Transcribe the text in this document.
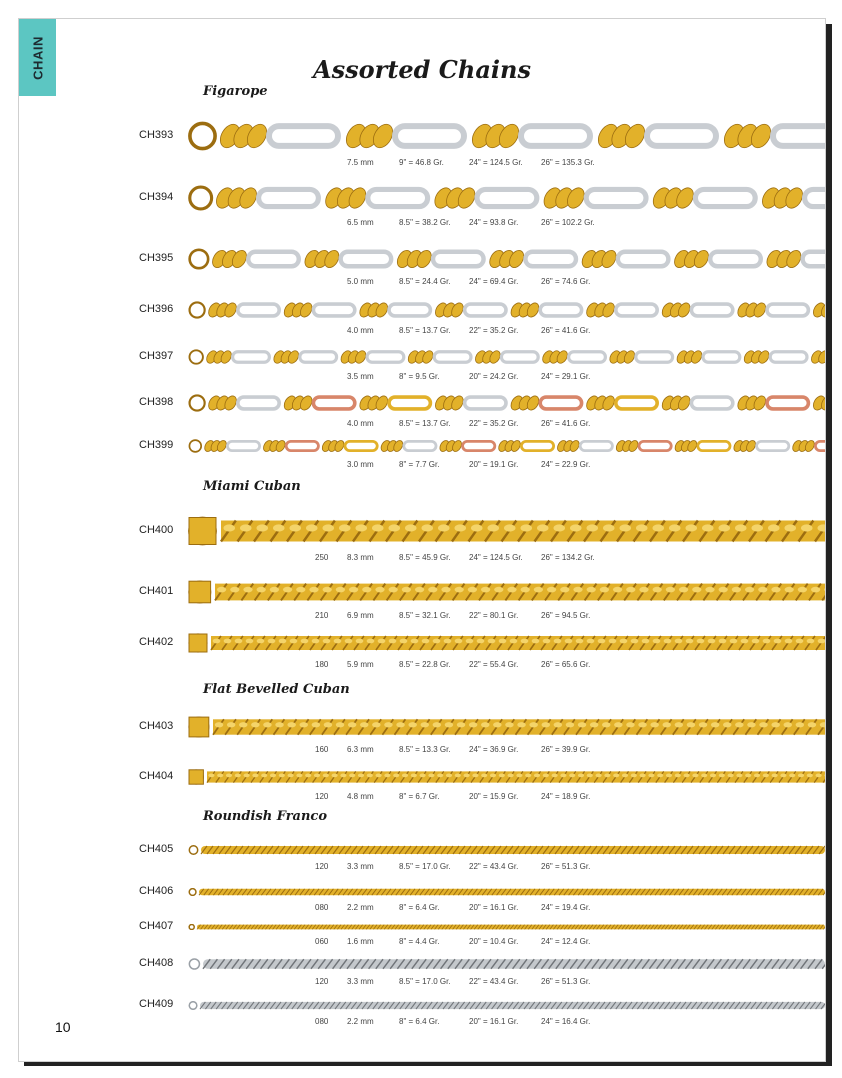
CHAIN	Assorted Chains
Figarope
CH393
7.5 mm	9" = 46.8 Gr.	24" = 124.5 Gr. 26" = 135.3 Gr.
CH394
6.5 mm	8.5" = 38.2 Gr. 24" = 93.8 Gr.	26" = 102.2 Gr.
CH395
5.0 mm	8.5" = 24.4 Gr. 24" = 69.4 Gr.	26" = 74.6 Gr.
CH396
4.0 mm	8.5" = 13.7 Gr. 22" = 35.2 Gr.	26" = 41.6 Gr.
CH397
3.5 mm	8" = 9.5 Gr.	20" = 24.2 Gr.	24" = 29.1 Gr.
CH398
4.0 mm	8.5" = 13.7 Gr. 22" = 35.2 Gr.	26" = 41.6 Gr.
CH399
3.0 mm	8" = 7.7 Gr.	20" = 19.1 Gr.	24" = 22.9 Gr.
Miami Cuban
CH400
250 8.3 mm	8.5" = 45.9 Gr. 24" = 124.5 Gr. 26" = 134.2 Gr.
CH401
210 6.9 mm	8.5" = 32.1 Gr. 22" = 80.1 Gr.	26" = 94.5 Gr.
CH402
180 5.9 mm	8.5" = 22.8 Gr. 22" = 55.4 Gr.	26" = 65.6 Gr.
Flat Bevelled Cuban
CH403
160 6.3 mm	8.5" = 13.3 Gr. 24" = 36.9 Gr.	26" = 39.9 Gr.
CH404
120 4.8 mm	8" = 6.7 Gr.	20" = 15.9 Gr.	24" = 18.9 Gr.
Roundish Franco
CH405
120 3.3 mm	8.5" = 17.0 Gr. 22" = 43.4 Gr.	26" = 51.3 Gr.
CH406
080 2.2 mm	8" = 6.4 Gr.	20" = 16.1 Gr.	24" = 19.4 Gr.
CH407
060 1.6 mm	8" = 4.4 Gr.	20" = 10.4 Gr.	24" = 12.4 Gr.
CH408
120 3.3 mm	8.5" = 17.0 Gr. 22" = 43.4 Gr.	26" = 51.3 Gr.
CH409
080 2.2 mm	8" = 6.4 Gr.	20" = 16.1 Gr.	24" = 16.4 Gr.
10
